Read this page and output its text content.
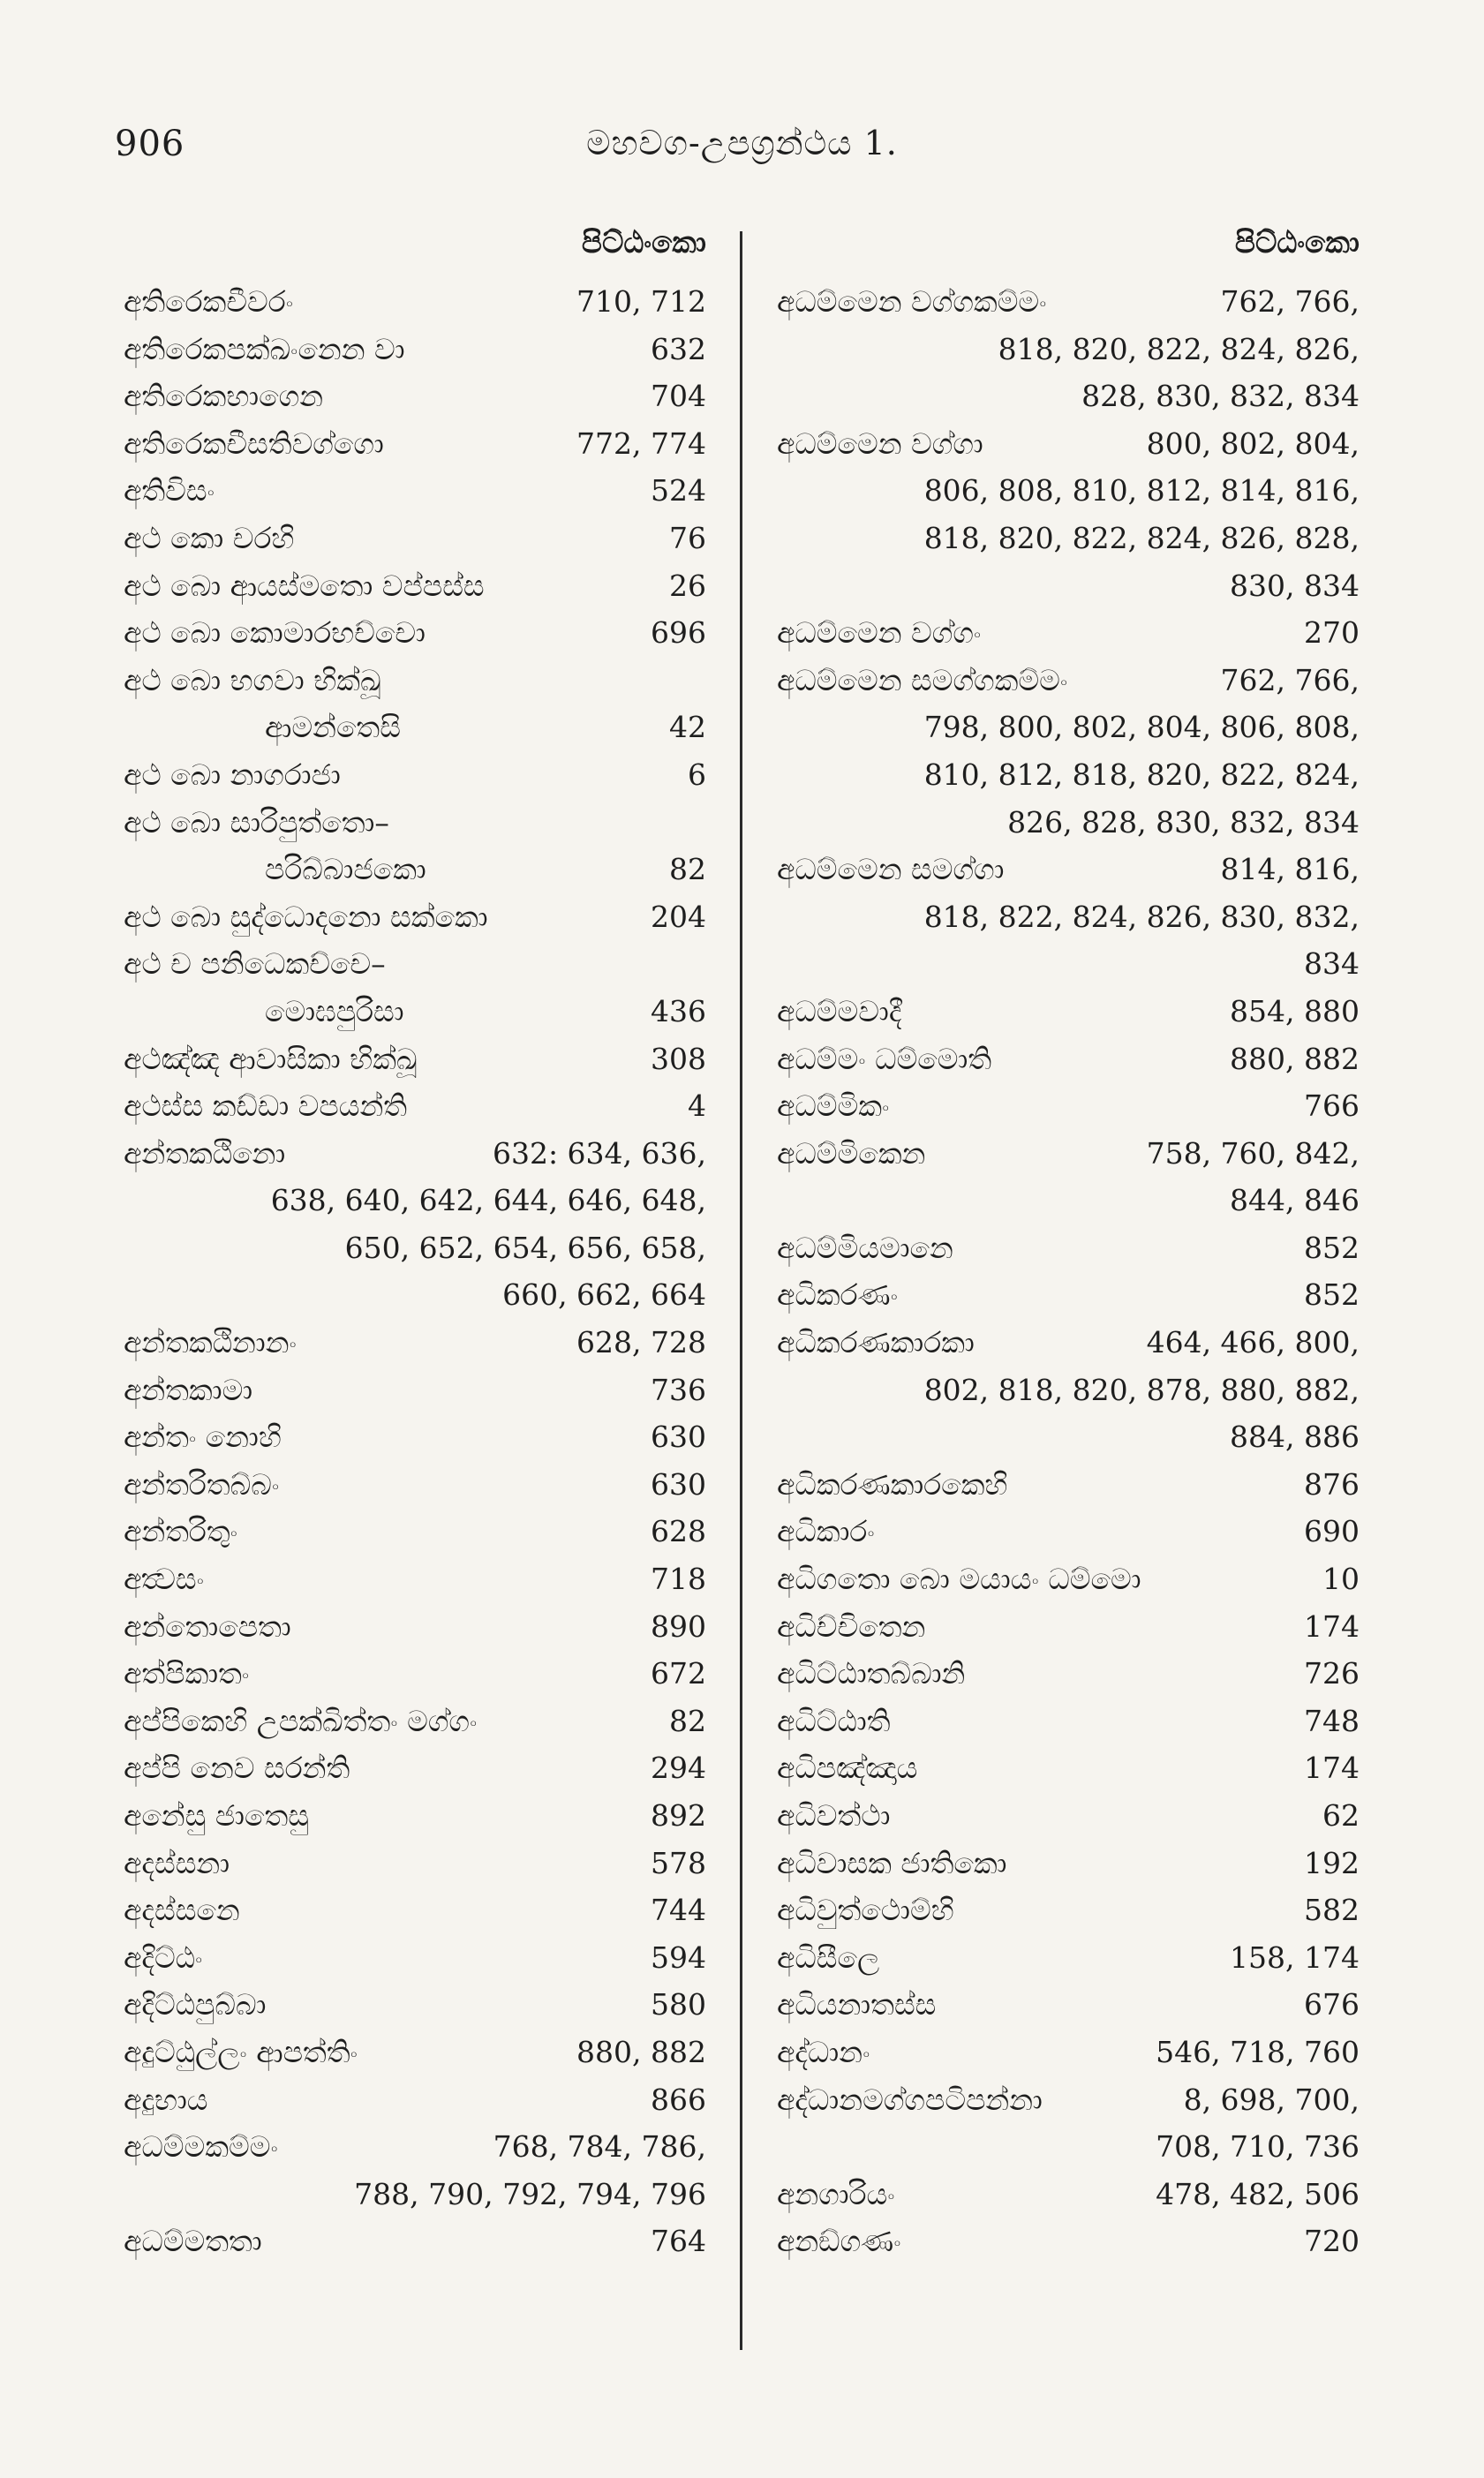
906	මහවග-උපග්‍රන්ථය 1.
පිට්ඨංකො
අතිරෙකචීවරං	710, 712
අතිරෙකපක්ඛංනෙන වා	632
අතිරෙකභාගෙන	704
අතිරෙකචීසතිවග්ගො	772, 774
අතිවිසං	524
අථ කො චරහි	76
අථ බො ආයස්මතො වප්පස්ස	26
අථ බො කොමාරභච්චො	696
අථ බො භගවා භික්ඛූ
ආමන්තෙසි	42
අථ බො නාගරාජා	6
අථ බො සාරිපුත්තො–
පරිබ්බාජකො	82
අථ බො සුද්ධොදනො සක්කො	204
අථ ච පනිධෙකච්චෙ–
මොඝපුරිසා	436
අථඤ්ඤ ආවාසිකා භික්ඛූ	308
අථස්ස කඩ්ඩා වපයන්ති	4
අන්තකඨිනො	632: 634, 636,
638, 640, 642, 644, 646, 648,
650, 652, 654, 656, 658,
660, 662, 664
අන්තකඨිනානං	628, 728
අන්තකාමා	736
අන්තං නොහි	630
අන්තරිතබ්බං	630
අන්තරිතුං	628
අත්‍වසං	718
අන්තොපෙතා	890
අත්‍පිකාතං	672
අප්පිකෙහි උපක්ඛිත්තං මග්ගං	82
අප්පි නෙව සරන්ති	294
අනේසු ජාතෙසු	892
අදස්සනා	578
අදස්සනෙ	744
අදිට්ඨං	594
අදිට්ඨපුබ්බා	580
අදුට්ඨුල්ලං ආපත්තිං	880, 882
අදුභාය	866
අධම්මකම්මං	768, 784, 786,
788, 790, 792, 794, 796
අධම්මතතා	764
පිට්ඨංකො
අධම්මෙන වග්ගකම්මං	762, 766,
818, 820, 822, 824, 826,
828, 830, 832, 834
අධම්මෙන වග්ගා	800, 802, 804,
806, 808, 810, 812, 814, 816,
818, 820, 822, 824, 826, 828,
830, 834
අධම්මෙන වග්ගං	270
අධම්මෙන සමග්ගකම්මං	762, 766,
798, 800, 802, 804, 806, 808,
810, 812, 818, 820, 822, 824,
826, 828, 830, 832, 834
අධම්මෙන සමග්ගා	814, 816,
818, 822, 824, 826, 830, 832,
834
අධම්මවාදී	854, 880
අධම්මං ධම්මොති	880, 882
අධම්මිකං	766
අධම්මිකෙන	758, 760, 842,
844, 846
අධම්මියමානෙ	852
අධිකරණං	852
අධිකරණකාරකා	464, 466, 800,
802, 818, 820, 878, 880, 882,
884, 886
අධිකරණකාරකෙහි	876
අධිකාරං	690
අධිගතො බො මයායං ධම්මො	10
අධිච්චිතෙන	174
අධිට්ඨාතබ්බානි	726
අධිට්ඨාති	748
අධිපඤ්ඤාය	174
අධිවත්ථා	62
අධිවාසක ජාතිකො	192
අධිවුත්ථොම්හි	582
අධිසීලෙ	158, 174
අධියනාතස්ස	676
අද්ධානං	546, 718, 760
අද්ධානමග්ගපටිපන්නා	8, 698, 700,
708, 710, 736
අනගාරියං	478, 482, 506
අනඞ්ගණං	720
